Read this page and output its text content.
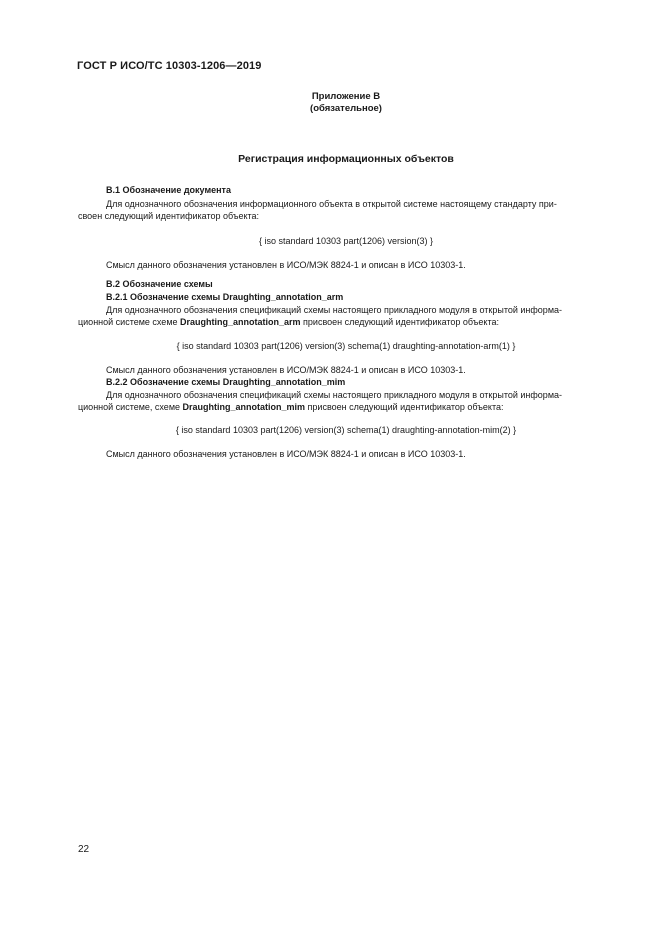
ГОСТ Р ИСО/ТС 10303-1206—2019
Приложение В
(обязательное)
Регистрация информационных объектов
В.1 Обозначение документа
Для однозначного обозначения информационного объекта в открытой системе настоящему стандарту при-
своен следующий идентификатор объекта:
{ iso standard 10303 part(1206) version(3) }
Смысл данного обозначения установлен в ИСО/МЭК 8824-1 и описан в ИСО 10303-1.
В.2 Обозначение схемы
В.2.1 Обозначение схемы Draughting_annotation_arm
Для однозначного обозначения спецификаций схемы настоящего прикладного модуля в открытой информа-
ционной системе схеме Draughting_annotation_arm присвоен следующий идентификатор объекта:
{ iso standard 10303 part(1206) version(3) schema(1) draughting-annotation-arm(1) }
Смысл данного обозначения установлен в ИСО/МЭК 8824-1 и описан в ИСО 10303-1.
В.2.2 Обозначение схемы Draughting_annotation_mim
Для однозначного обозначения спецификаций схемы настоящего прикладного модуля в открытой информа-
ционной системе, схеме Draughting_annotation_mim присвоен следующий идентификатор объекта:
{ iso standard 10303 part(1206) version(3) schema(1) draughting-annotation-mim(2) }
Смысл данного обозначения установлен в ИСО/МЭК 8824-1 и описан в ИСО 10303-1.
22
